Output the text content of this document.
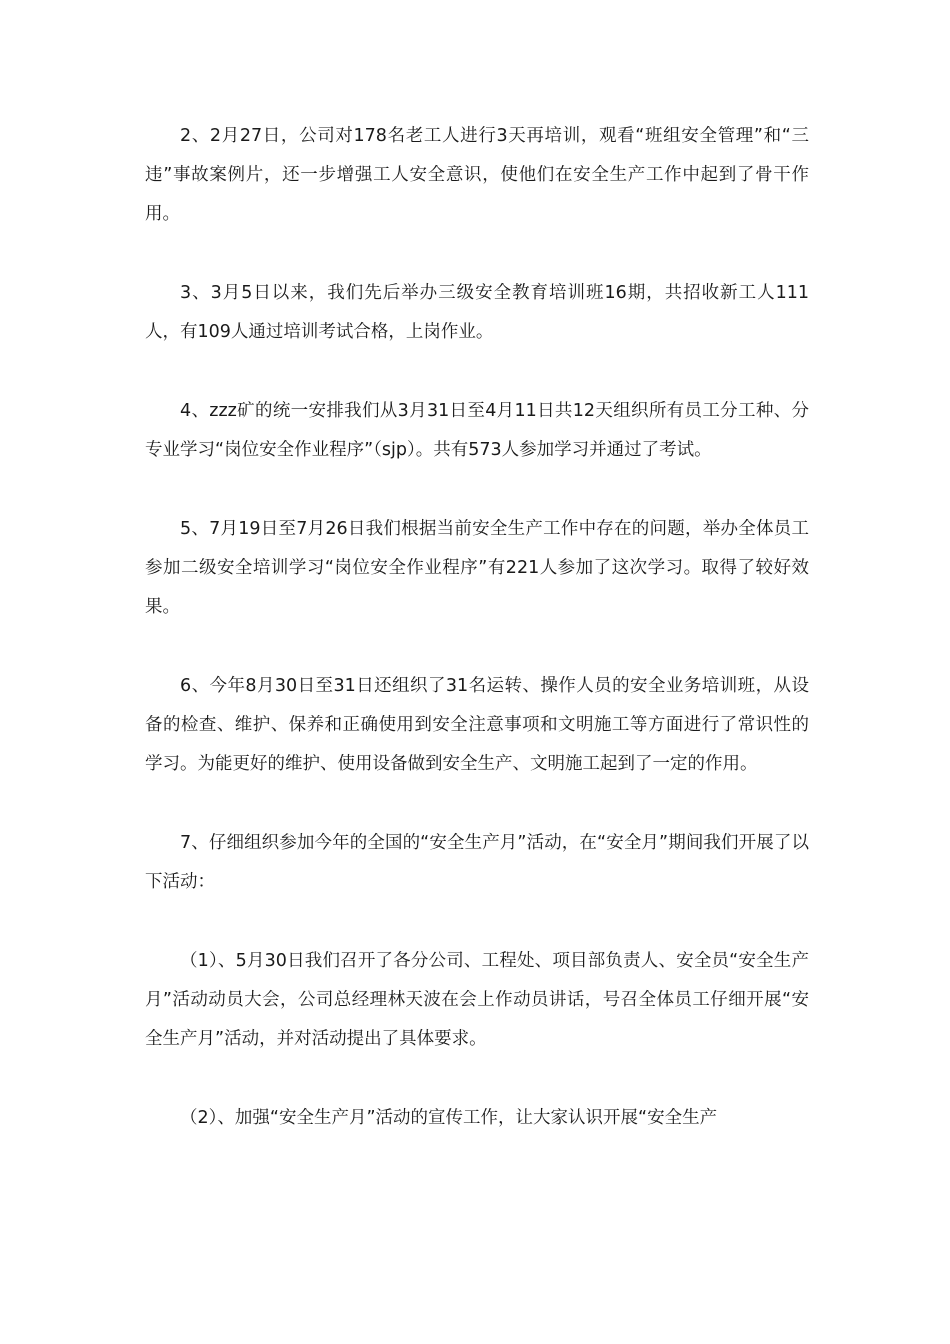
2、2月27日，公司对178名老工人进行3天再培训，观看“班组安全管理”和“三违”事故案例片，还一步增强工人安全意识，使他们在安全生产工作中起到了骨干作用。

3、3月5日以来，我们先后举办三级安全教育培训班16期，共招收新工人111人，有109人通过培训考试合格，上岗作业。

4、zzz矿的统一安排我们从3月31日至4月11日共12天组织所有员工分工种、分专业学习“岗位安全作业程序”（sjp）。共有573人参加学习并通过了考试。

5、7月19日至7月26日我们根据当前安全生产工作中存在的问题，举办全体员工参加二级安全培训学习“岗位安全作业程序”有221人参加了这次学习。取得了较好效果。

6、今年8月30日至31日还组织了31名运转、操作人员的安全业务培训班，从设备的检查、维护、保养和正确使用到安全注意事项和文明施工等方面进行了常识性的学习。为能更好的维护、使用设备做到安全生产、文明施工起到了一定的作用。

7、仔细组织参加今年的全国的“安全生产月”活动，在“安全月”期间我们开展了以下活动：

（1）、5月30日我们召开了各分公司、工程处、项目部负责人、安全员“安全生产月”活动动员大会，公司总经理林天波在会上作动员讲话，号召全体员工仔细开展“安全生产月”活动，并对活动提出了具体要求。

（2）、加强“安全生产月”活动的宣传工作，让大家认识开展“安全生产
